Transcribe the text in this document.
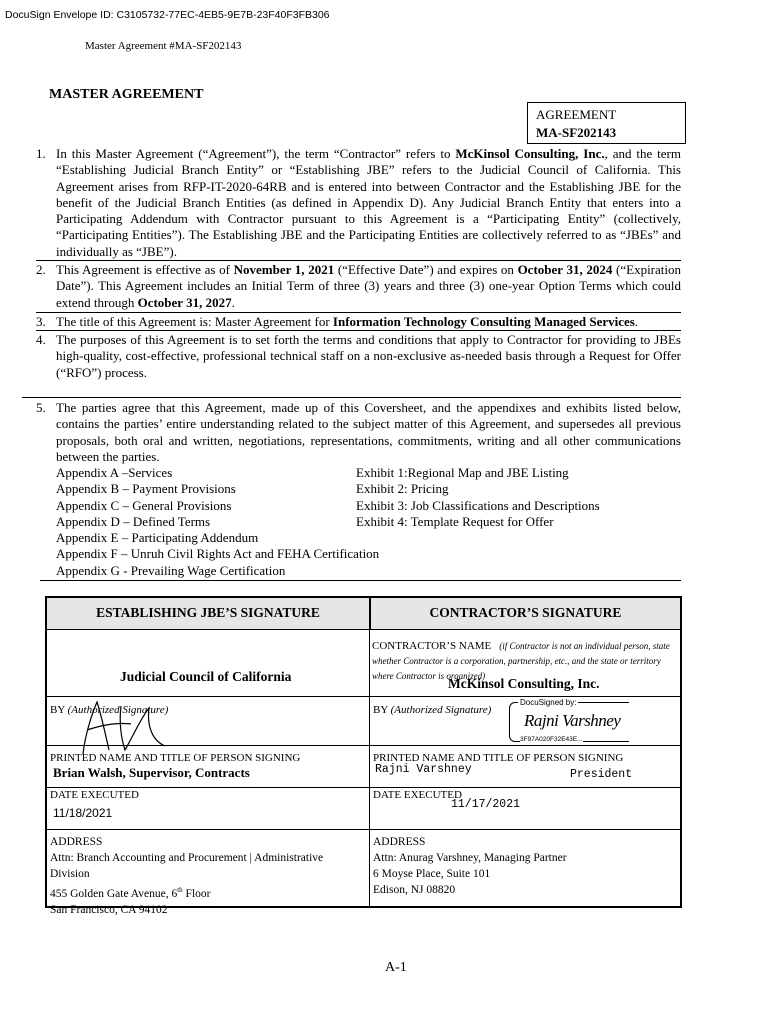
DocuSign Envelope ID: C3105732-77EC-4EB5-9E7B-23F40F3FB306
Master Agreement #MA-SF202143
MASTER AGREEMENT
AGREEMENT
MA-SF202143
1. In this Master Agreement (“Agreement”), the term “Contractor” refers to McKinsol Consulting, Inc., and the term “Establishing Judicial Branch Entity” or “Establishing JBE” refers to the Judicial Council of California. This Agreement arises from RFP-IT-2020-64RB and is entered into between Contractor and the Establishing JBE for the benefit of the Judicial Branch Entities (as defined in Appendix D). Any Judicial Branch Entity that enters into a Participating Addendum with Contractor pursuant to this Agreement is a “Participating Entity” (collectively, “Participating Entities”). The Establishing JBE and the Participating Entities are collectively referred to as “JBEs” and individually as “JBE”).
2. This Agreement is effective as of November 1, 2021 (“Effective Date”) and expires on October 31, 2024 (“Expiration Date”). This Agreement includes an Initial Term of three (3) years and three (3) one-year Option Terms which could extend through October 31, 2027.
3. The title of this Agreement is: Master Agreement for Information Technology Consulting Managed Services.
4. The purposes of this Agreement is to set forth the terms and conditions that apply to Contractor for providing to JBEs high-quality, cost-effective, professional technical staff on a non-exclusive as-needed basis through a Request for Offer (“RFO”) process.
5. The parties agree that this Agreement, made up of this Coversheet, and the appendixes and exhibits listed below, contains the parties’ entire understanding related to the subject matter of this Agreement, and supersedes all previous proposals, both oral and written, negotiations, representations, commitments, writing and all other communications between the parties.
Appendix A –Services
Appendix B – Payment Provisions
Appendix C – General Provisions
Appendix D – Defined Terms
Appendix E – Participating Addendum
Appendix F – Unruh Civil Rights Act and FEHA Certification
Appendix G - Prevailing Wage Certification
Exhibit 1:Regional Map and JBE Listing
Exhibit 2: Pricing
Exhibit 3: Job Classifications and Descriptions
Exhibit 4: Template Request for Offer
ESTABLISHING JBE’S SIGNATURE	CONTRACTOR’S SIGNATURE
Judicial Council of California
CONTRACTOR’S NAME (if Contractor is not an individual person, state whether Contractor is a corporation, partnership, etc., and the state or territory where Contractor is organized)
McKinsol Consulting, Inc.
BY (Authorized Signature)	BY (Authorized Signature)
DocuSigned by:
Rajni Varshney
3F97A020F32E43E...
PRINTED NAME AND TITLE OF PERSON SIGNING
Brian Walsh, Supervisor, Contracts
PRINTED NAME AND TITLE OF PERSON SIGNING
Rajni Varshney	President
DATE EXECUTED
11/18/2021
DATE EXECUTED
11/17/2021
ADDRESS
Attn: Branch Accounting and Procurement | Administrative
Division
455 Golden Gate Avenue, 6th Floor
San Francisco, CA 94102
ADDRESS
Attn: Anurag Varshney, Managing Partner
6 Moyse Place, Suite 101
Edison, NJ 08820
A-1
